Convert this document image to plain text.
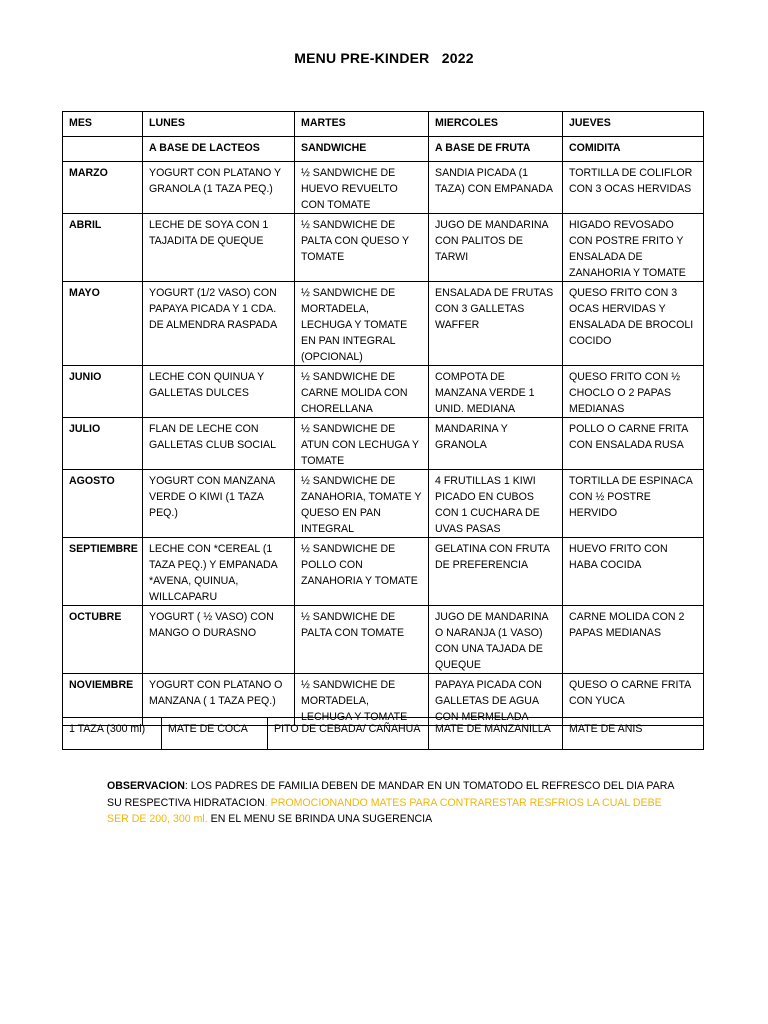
MENU PRE-KINDER   2022
MES	LUNES	MARTES	MIERCOLES	JUEVES
	A BASE DE LACTEOS	SANDWICHE	A BASE DE FRUTA	COMIDITA
MARZO	YOGURT CON PLATANO Y GRANOLA (1 TAZA PEQ.)	½ SANDWICHE DE HUEVO REVUELTO CON TOMATE	SANDIA PICADA (1 TAZA) CON EMPANADA	TORTILLA DE COLIFLOR CON 3 OCAS HERVIDAS
ABRIL	LECHE DE SOYA CON 1 TAJADITA DE QUEQUE	½ SANDWICHE DE PALTA CON QUESO Y TOMATE	JUGO DE MANDARINA CON PALITOS DE TARWI	HIGADO REVOSADO CON POSTRE FRITO Y ENSALADA DE ZANAHORIA Y TOMATE
MAYO	YOGURT (1/2 VASO) CON PAPAYA PICADA Y 1 CDA. DE ALMENDRA RASPADA	½ SANDWICHE DE MORTADELA, LECHUGA Y TOMATE EN PAN INTEGRAL (OPCIONAL)	ENSALADA DE FRUTAS CON 3 GALLETAS WAFFER	QUESO FRITO CON 3 OCAS HERVIDAS Y ENSALADA DE BROCOLI COCIDO
JUNIO	LECHE CON QUINUA Y GALLETAS DULCES	½ SANDWICHE DE CARNE MOLIDA CON CHORELLANA	COMPOTA DE MANZANA VERDE 1 UNID. MEDIANA	QUESO FRITO CON ½ CHOCLO O 2 PAPAS MEDIANAS
JULIO	FLAN DE LECHE CON GALLETAS CLUB SOCIAL	½ SANDWICHE DE ATUN CON LECHUGA Y TOMATE	MANDARINA Y GRANOLA	POLLO O CARNE FRITA CON ENSALADA RUSA
AGOSTO	YOGURT CON MANZANA VERDE O KIWI (1 TAZA PEQ.)	½ SANDWICHE DE ZANAHORIA, TOMATE Y QUESO EN PAN INTEGRAL	4 FRUTILLAS 1 KIWI PICADO EN CUBOS CON 1 CUCHARA DE UVAS PASAS	TORTILLA DE ESPINACA CON ½ POSTRE HERVIDO
SEPTIEMBRE	LECHE CON *CEREAL (1 TAZA PEQ.) Y EMPANADA *AVENA, QUINUA, WILLCAPARU	½ SANDWICHE DE POLLO CON ZANAHORIA Y TOMATE	GELATINA CON FRUTA DE PREFERENCIA	HUEVO FRITO CON HABA COCIDA
OCTUBRE	YOGURT ( ½ VASO) CON MANGO O DURASNO	½ SANDWICHE DE PALTA CON TOMATE	JUGO DE MANDARINA O NARANJA (1 VASO) CON UNA TAJADA DE QUEQUE	CARNE MOLIDA CON 2 PAPAS MEDIANAS
NOVIEMBRE	YOGURT CON PLATANO O MANZANA ( 1 TAZA PEQ.)	½ SANDWICHE DE MORTADELA, LECHUGA Y TOMATE	PAPAYA PICADA CON GALLETAS DE AGUA CON MERMELADA	QUESO O CARNE FRITA CON YUCA
1 TAZA (300 ml)	MATE DE COCA	PITO DE CEBADA/ CAÑAHUA	MATE DE MANZANILLA	MATE DE ANIS
OBSERVACION: LOS PADRES DE FAMILIA DEBEN DE MANDAR EN UN TOMATODO EL REFRESCO DEL DIA PARA SU RESPECTIVA HIDRATACION. PROMOCIONANDO MATES PARA CONTRARESTAR RESFRIOS LA CUAL DEBE SER DE 200, 300 ml. EN EL MENU SE BRINDA UNA SUGERENCIA
